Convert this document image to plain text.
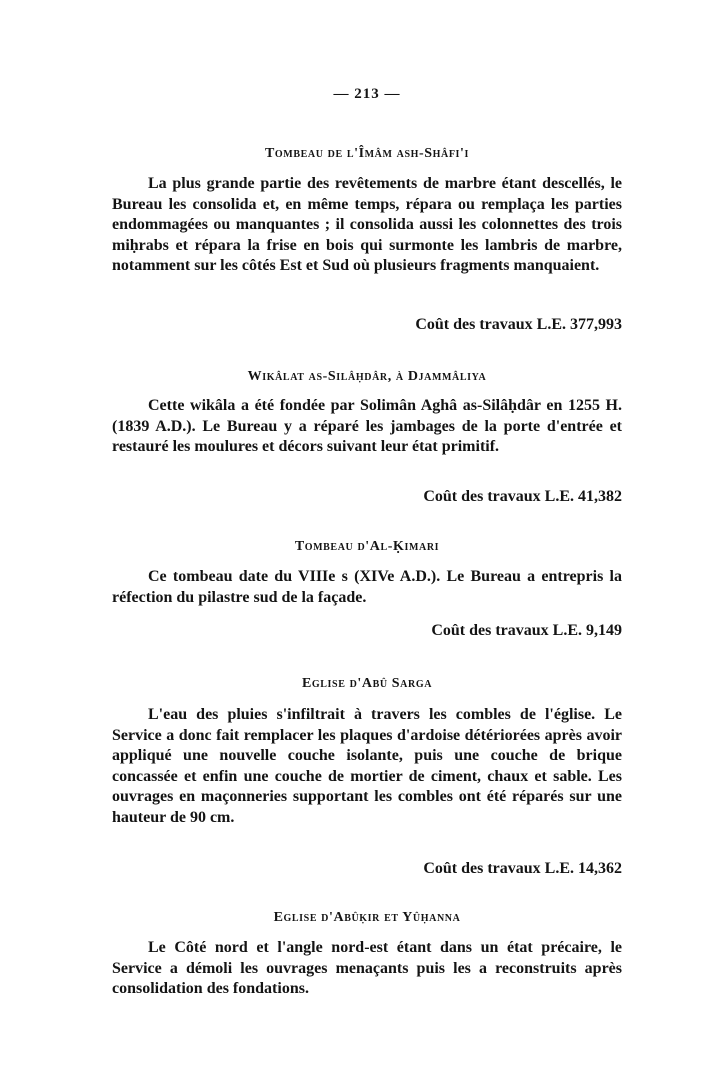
— 213 —
Tombeau de l'Îmâm ash-Shâfi'i

La plus grande partie des revêtements de marbre étant descellés, le Bureau les consolida et, en même temps, répara ou remplaça les parties endommagées ou manquantes ; il consolida aussi les colonnettes des trois miḥrabs et répara la frise en bois qui surmonte les lambris de marbre, notamment sur les côtés Est et Sud où plusieurs fragments manquaient.

Coût des travaux L.E. 377,993
Wikâlat as-Silâḥdâr, à Djammâliya

Cette wikâla a été fondée par Solimân Aghâ as-Silâḥdâr en 1255 H. (1839 A.D.). Le Bureau y a réparé les jambages de la porte d'entrée et restauré les moulures et décors suivant leur état primitif.

Coût des travaux L.E. 41,382
Tombeau d'Al-Ḳimari

Ce tombeau date du VIIIe s (XIVe A.D.). Le Bureau a entrepris la réfection du pilastre sud de la façade.

Coût des travaux L.E. 9,149
Eglise d'Abû Sarga

L'eau des pluies s'infiltrait à travers les combles de l'église. Le Service a donc fait remplacer les plaques d'ardoise détériorées après avoir appliqué une nouvelle couche isolante, puis une couche de brique concassée et enfin une couche de mortier de ciment, chaux et sable. Les ouvrages en maçonneries supportant les combles ont été réparés sur une hauteur de 90 cm.

Coût des travaux L.E. 14,362
Eglise d'Abûḳir et Yûḥanna

Le Côté nord et l'angle nord-est étant dans un état précaire, le Service a démoli les ouvrages menaçants puis les a reconstruits après consolidation des fondations.
